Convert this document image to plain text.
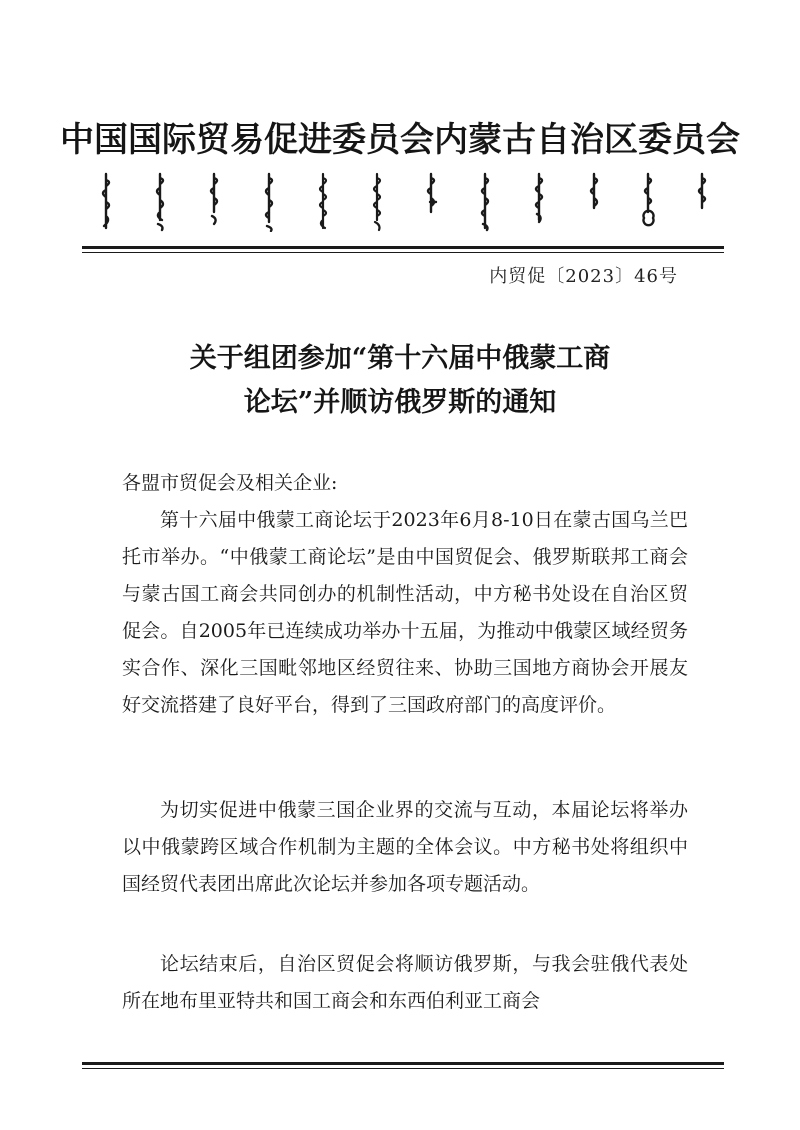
中国国际贸易促进委员会内蒙古自治区委员会
内贸促〔2023〕46号
关于组团参加“第十六届中俄蒙工商
论坛”并顺访俄罗斯的通知
各盟市贸促会及相关企业:

第十六届中俄蒙工商论坛于2023年6月8-10日在蒙古国乌兰巴托市举办。“中俄蒙工商论坛”是由中国贸促会、俄罗斯联邦工商会与蒙古国工商会共同创办的机制性活动，中方秘书处设在自治区贸促会。自2005年已连续成功举办十五届，为推动中俄蒙区域经贸务实合作、深化三国毗邻地区经贸往来、协助三国地方商协会开展友好交流搭建了良好平台，得到了三国政府部门的高度评价。

为切实促进中俄蒙三国企业界的交流与互动，本届论坛将举办以中俄蒙跨区域合作机制为主题的全体会议。中方秘书处将组织中国经贸代表团出席此次论坛并参加各项专题活动。

论坛结束后，自治区贸促会将顺访俄罗斯，与我会驻俄代表处所在地布里亚特共和国工商会和东西伯利亚工商会
